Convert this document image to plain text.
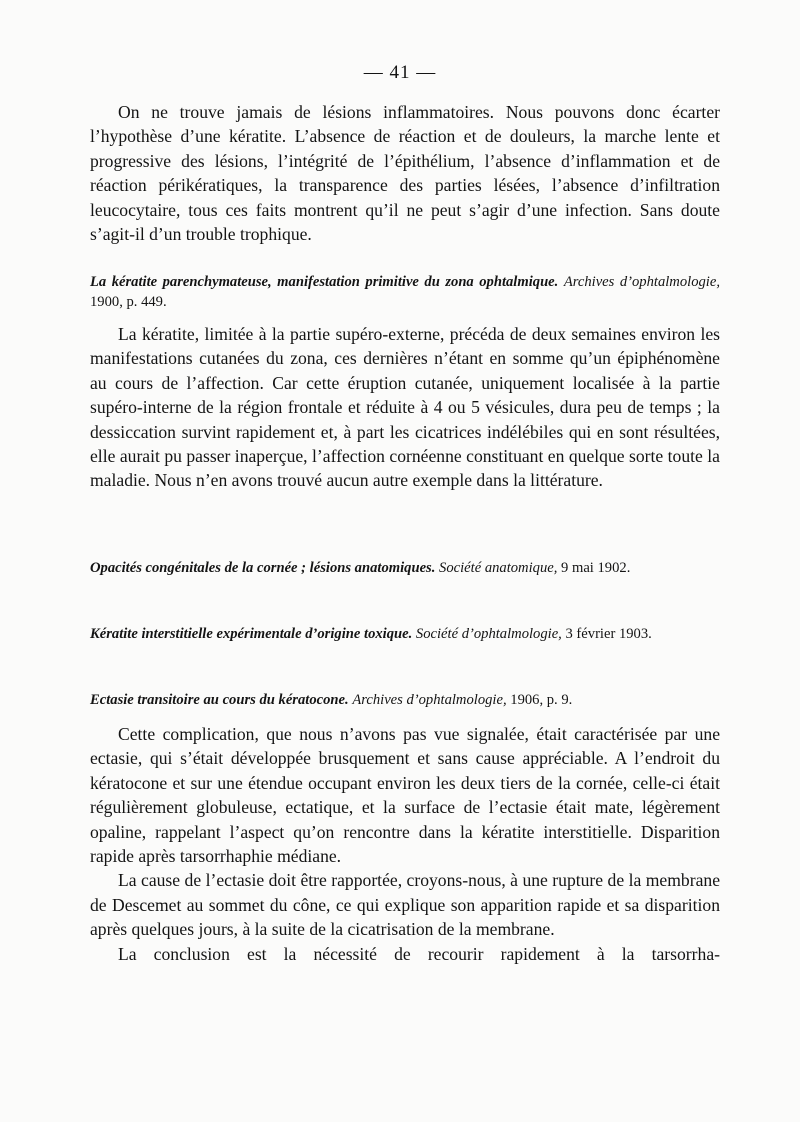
— 41 —

On ne trouve jamais de lésions inflammatoires. Nous pouvons donc écarter l’hypothèse d’une kératite. L’absence de réaction et de douleurs, la marche lente et progressive des lésions, l’intégrité de l’épithélium, l’absence d’inflammation et de réaction périkératiques, la transparence des parties lésées, l’absence d’infiltration leucocytaire, tous ces faits montrent qu’il ne peut s’agir d’une infection. Sans doute s’agit-il d’un trouble trophique.

La kératite parenchymateuse, manifestation primitive du zona ophtalmique. Archives d’ophtalmologie, 1900, p. 449.

La kératite, limitée à la partie supéro-externe, précéda de deux semaines environ les manifestations cutanées du zona, ces dernières n’étant en somme qu’un épiphénomène au cours de l’affection. Car cette éruption cutanée, uniquement localisée à la partie supéro-interne de la région frontale et réduite à 4 ou 5 vésicules, dura peu de temps ; la dessiccation survint rapidement et, à part les cicatrices indélébiles qui en sont résultées, elle aurait pu passer inaperçue, l’affection cornéenne constituant en quelque sorte toute la maladie. Nous n’en avons trouvé aucun autre exemple dans la littérature.

Opacités congénitales de la cornée ; lésions anatomiques. Société anatomique, 9 mai 1902.

Kératite interstitielle expérimentale d’origine toxique. Société d’ophtalmologie, 3 février 1903.

Ectasie transitoire au cours du kératocone. Archives d’ophtalmologie, 1906, p. 9.

Cette complication, que nous n’avons pas vue signalée, était caractérisée par une ectasie, qui s’était développée brusquement et sans cause appréciable. A l’endroit du kératocone et sur une étendue occupant environ les deux tiers de la cornée, celle-ci était régulièrement globuleuse, ectatique, et la surface de l’ectasie était mate, légèrement opaline, rappelant l’aspect qu’on rencontre dans la kératite interstitielle. Disparition rapide après tarsorrhaphie médiane.

La cause de l’ectasie doit être rapportée, croyons-nous, à une rupture de la membrane de Descemet au sommet du cône, ce qui explique son apparition rapide et sa disparition après quelques jours, à la suite de la cicatrisation de la membrane.

La conclusion est la nécessité de recourir rapidement à la tarsorrha-
